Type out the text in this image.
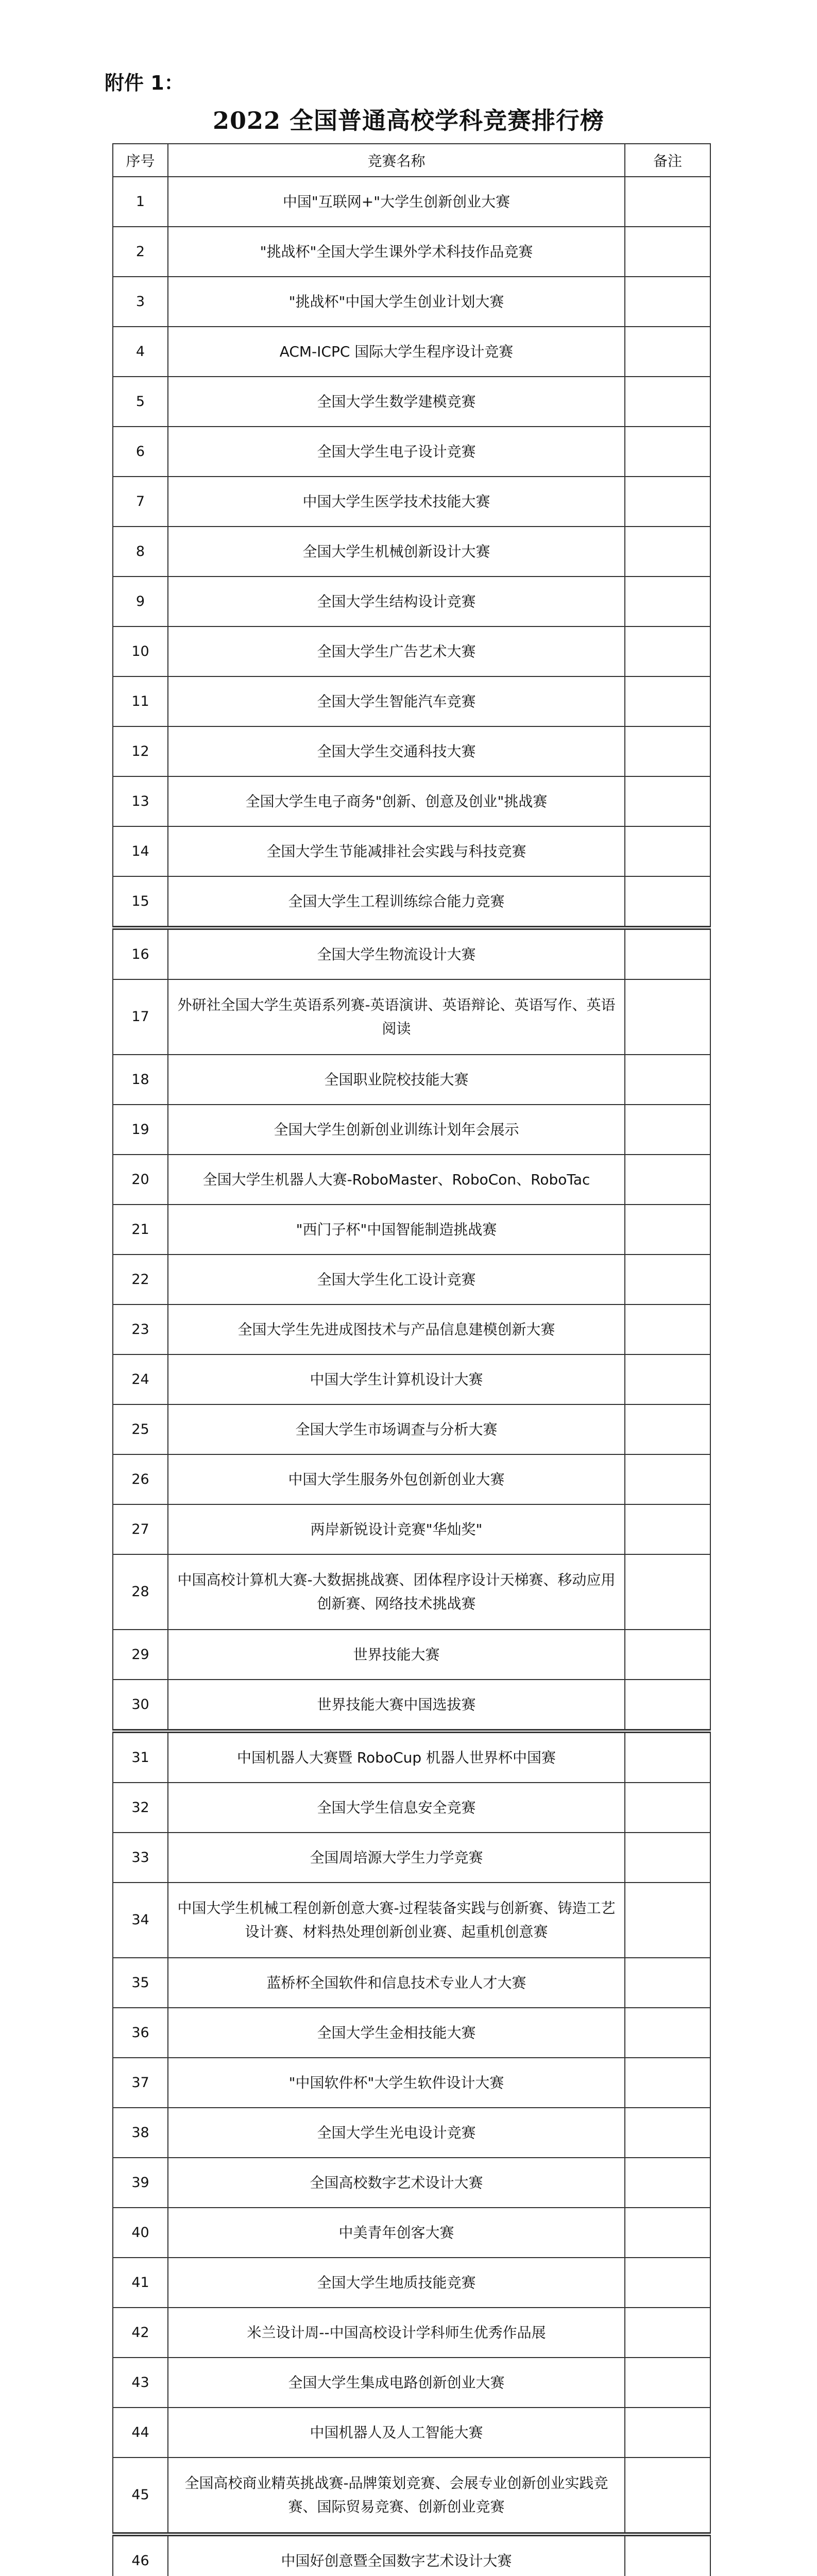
附件 1：
2022 全国普通高校学科竞赛排行榜
序号	竞赛名称	备注
1	中国"互联网+"大学生创新创业大赛	
2	"挑战杯"全国大学生课外学术科技作品竞赛	
3	"挑战杯"中国大学生创业计划大赛	
4	ACM-ICPC 国际大学生程序设计竞赛	
5	全国大学生数学建模竞赛	
6	全国大学生电子设计竞赛	
7	中国大学生医学技术技能大赛	
8	全国大学生机械创新设计大赛	
9	全国大学生结构设计竞赛	
10	全国大学生广告艺术大赛	
11	全国大学生智能汽车竞赛	
12	全国大学生交通科技大赛	
13	全国大学生电子商务"创新、创意及创业"挑战赛	
14	全国大学生节能减排社会实践与科技竞赛	
15	全国大学生工程训练综合能力竞赛	
16	全国大学生物流设计大赛	
17	外研社全国大学生英语系列赛-英语演讲、英语辩论、英语写作、英语阅读	
18	全国职业院校技能大赛	
19	全国大学生创新创业训练计划年会展示	
20	全国大学生机器人大赛-RoboMaster、RoboCon、RoboTac	
21	"西门子杯"中国智能制造挑战赛	
22	全国大学生化工设计竞赛	
23	全国大学生先进成图技术与产品信息建模创新大赛	
24	中国大学生计算机设计大赛	
25	全国大学生市场调查与分析大赛	
26	中国大学生服务外包创新创业大赛	
27	两岸新锐设计竞赛"华灿奖"	
28	中国高校计算机大赛-大数据挑战赛、团体程序设计天梯赛、移动应用创新赛、网络技术挑战赛	
29	世界技能大赛	
30	世界技能大赛中国选拔赛	
31	中国机器人大赛暨 RoboCup 机器人世界杯中国赛	
32	全国大学生信息安全竞赛	
33	全国周培源大学生力学竞赛	
34	中国大学生机械工程创新创意大赛-过程装备实践与创新赛、铸造工艺设计赛、材料热处理创新创业赛、起重机创意赛	
35	蓝桥杯全国软件和信息技术专业人才大赛	
36	全国大学生金相技能大赛	
37	"中国软件杯"大学生软件设计大赛	
38	全国大学生光电设计竞赛	
39	全国高校数字艺术设计大赛	
40	中美青年创客大赛	
41	全国大学生地质技能竞赛	
42	米兰设计周--中国高校设计学科师生优秀作品展	
43	全国大学生集成电路创新创业大赛	
44	中国机器人及人工智能大赛	
45	全国高校商业精英挑战赛-品牌策划竞赛、会展专业创新创业实践竞赛、国际贸易竞赛、创新创业竞赛	
46	中国好创意暨全国数字艺术设计大赛	
